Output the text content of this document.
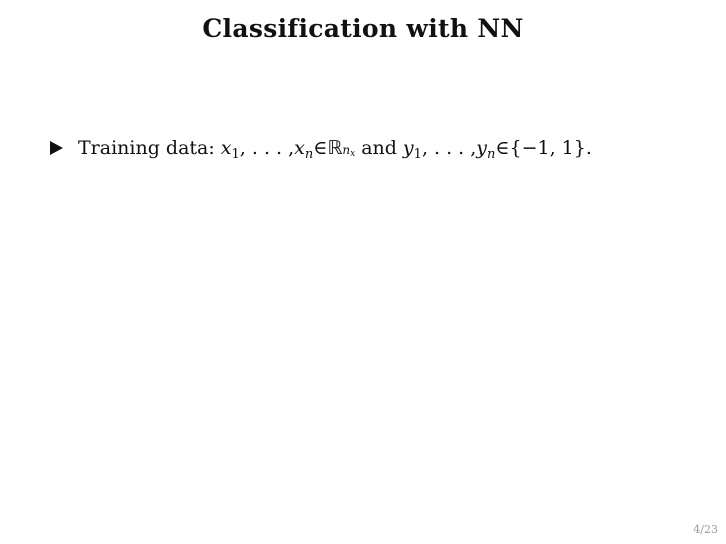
Classification with NN
Training data: $x_1$ , . . . , $x_n$ ∈ ℝ nx and $y_1$ , . . . , $y_n$ ∈ {−1, 1}.
4/23
